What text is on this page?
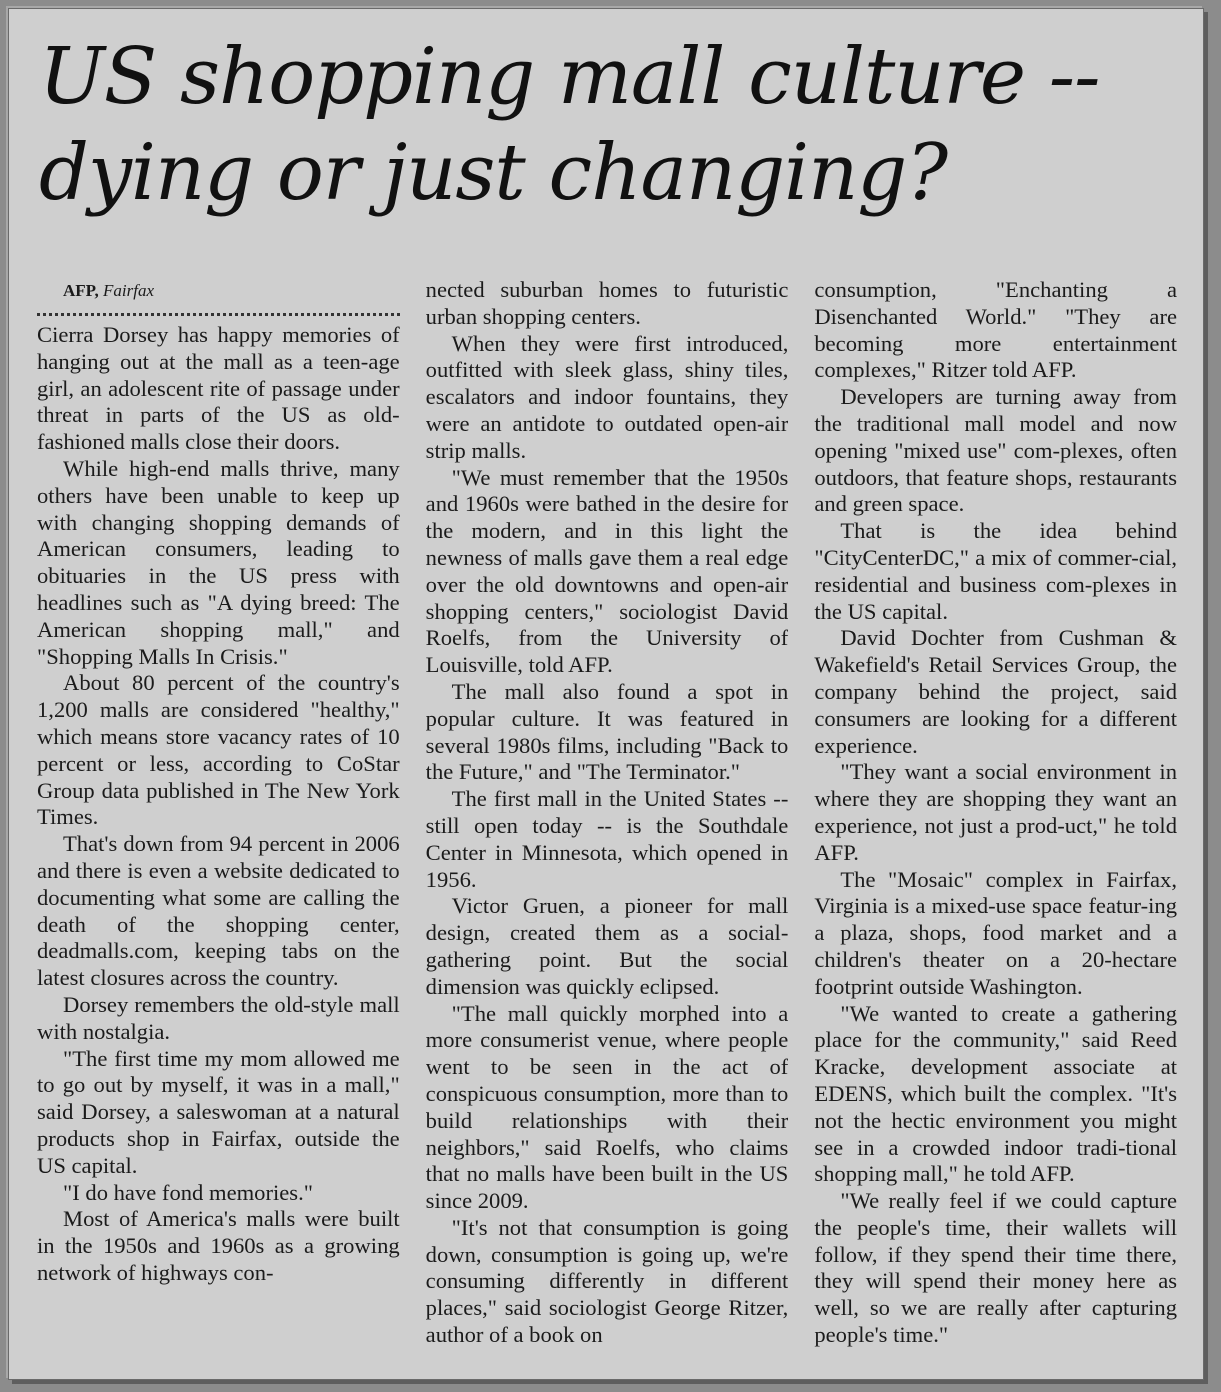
US shopping mall culture --
dying or just changing?

AFP, Fairfax

Cierra Dorsey has happy memories of hanging out at the mall as a teen-age girl, an adolescent rite of passage under threat in parts of the US as old-fashioned malls close their doors.

While high-end malls thrive, many others have been unable to keep up with changing shopping demands of American consumers, leading to obituaries in the US press with headlines such as "A dying breed: The American shopping mall," and "Shopping Malls In Crisis."

About 80 percent of the country's 1,200 malls are considered "healthy," which means store vacancy rates of 10 percent or less, according to CoStar Group data published in The New York Times.

That's down from 94 percent in 2006 and there is even a website dedicated to documenting what some are calling the death of the shopping center, deadmalls.com, keeping tabs on the latest closures across the country.

Dorsey remembers the old-style mall with nostalgia.

"The first time my mom allowed me to go out by myself, it was in a mall," said Dorsey, a saleswoman at a natural products shop in Fairfax, outside the US capital.

"I do have fond memories."

Most of America's malls were built in the 1950s and 1960s as a growing network of highways con-

nected suburban homes to futuristic urban shopping centers.

When they were first introduced, outfitted with sleek glass, shiny tiles, escalators and indoor fountains, they were an antidote to outdated open-air strip malls.

"We must remember that the 1950s and 1960s were bathed in the desire for the modern, and in this light the newness of malls gave them a real edge over the old downtowns and open-air shopping centers," sociologist David Roelfs, from the University of Louisville, told AFP.

The mall also found a spot in popular culture. It was featured in several 1980s films, including "Back to the Future," and "The Terminator."

The first mall in the United States -- still open today -- is the Southdale Center in Minnesota, which opened in 1956.

Victor Gruen, a pioneer for mall design, created them as a social-gathering point. But the social dimension was quickly eclipsed.

"The mall quickly morphed into a more consumerist venue, where people went to be seen in the act of conspicuous consumption, more than to build relationships with their neighbors," said Roelfs, who claims that no malls have been built in the US since 2009.

"It's not that consumption is going down, consumption is going up, we're consuming differently in different places," said sociologist George Ritzer, author of a book on

consumption, "Enchanting a Disenchanted World." "They are becoming more entertainment complexes," Ritzer told AFP.

Developers are turning away from the traditional mall model and now opening "mixed use" com-plexes, often outdoors, that feature shops, restaurants and green space.

That is the idea behind "CityCenterDC," a mix of commer-cial, residential and business com-plexes in the US capital.

David Dochter from Cushman & Wakefield's Retail Services Group, the company behind the project, said consumers are looking for a different experience.

"They want a social environment in where they are shopping they want an experience, not just a prod-uct," he told AFP.

The "Mosaic" complex in Fairfax, Virginia is a mixed-use space featur-ing a plaza, shops, food market and a children's theater on a 20-hectare footprint outside Washington.

"We wanted to create a gathering place for the community," said Reed Kracke, development associate at EDENS, which built the complex. "It's not the hectic environment you might see in a crowded indoor tradi-tional shopping mall," he told AFP.

"We really feel if we could capture the people's time, their wallets will follow, if they spend their time there, they will spend their money here as well, so we are really after capturing people's time."
